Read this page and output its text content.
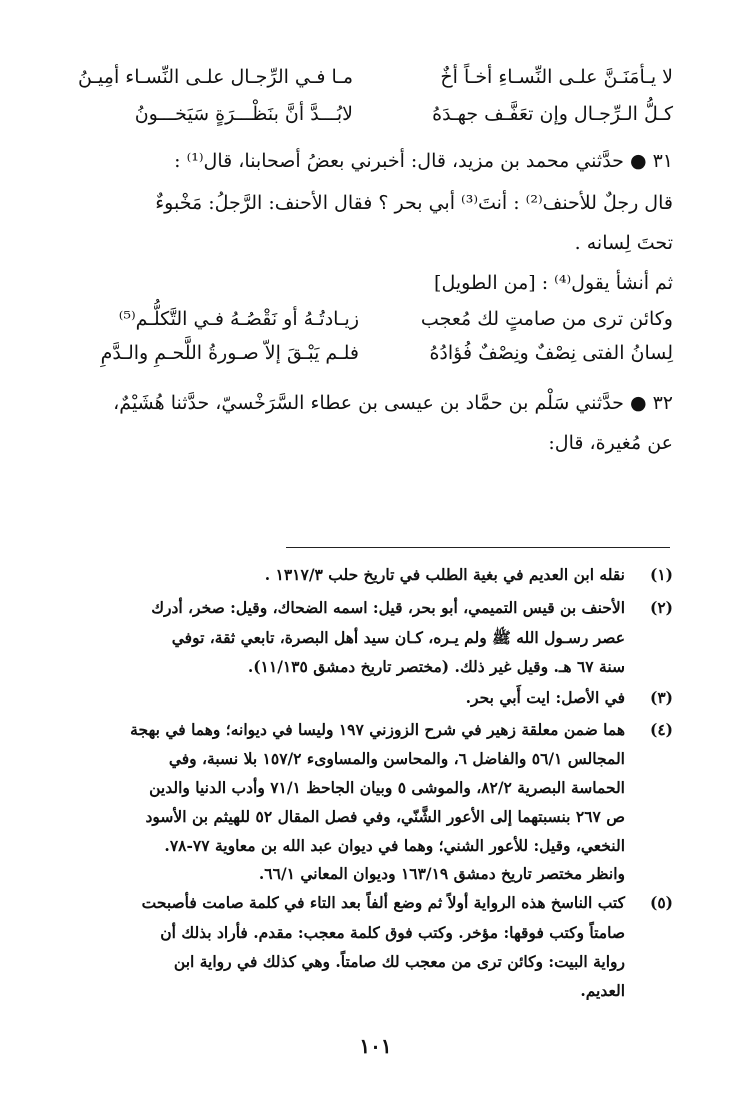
لا يـأمَنَـنَّ علـى النِّسـاءِ أخـاً أخٌ
مـا فـي الرِّجـال علـى النِّسـاء أمِيـنُ
كـلُّ الـرِّجـال وإن تعَفَّـف جهـدَهُ
لابُـــدَّ أنَّ بنَظْـــرَةٍ سَيَخـــونُ
٣١ ● حدَّثني محمد بن مزيد، قال: أخبرني بعضُ أصحابنا، قال⁽¹⁾ :
قال رجلٌ للأحنف⁽²⁾ : أنتَ⁽³⁾ أبي بحر ؟ فقال الأحنف: الرَّجلُ: مَخْبوءٌ
تحتَ لِسانه .
ثم أنشأ يقول⁽⁴⁾ : [من الطويل]
وكائن ترى من صامتٍ لك مُعجب
زيـادتُـهُ أو نَقْصُـهُ فـي التَّكلُّـم⁽⁵⁾
لِسانُ الفتى نِصْفٌ ونِصْفٌ فُؤادُهُ
فلـم يَبْـقَ إلاّ صـورةُ اللَّحـمِ والـدَّمِ
٣٢ ● حدَّثني سَلْم بن حمَّاد بن عيسى بن عطاء السَّرَخْسيّ، حدَّثنا هُشَيْمٌ،
عن مُغيرة، قال:
(١)
نقله ابن العديم في بغية الطلب في تاريخ حلب ١٣١٧/٣ .
(٢)
الأحنف بن قيس التميمي، أبو بحر، قيل: اسمه الضحاك، وقيل: صخر، أدرك
عصر رسـول الله ﷺ ولم يـره، كـان سيد أهل البصرة، تابعي ثقة، توفي
سنة ٦٧ هـ. وقيل غير ذلك. (مختصر تاريخ دمشق ١١/١٣٥).
(٣)
في الأصل: ايت أَبي بحر.
(٤)
هما ضمن معلقة زهير في شرح الزوزني ١٩٧ وليسا في ديوانه؛ وهما في بهجة
المجالس ٥٦/١ والفاضل ٦، والمحاسن والمساوىء ١٥٧/٢ بلا نسبة، وفي
الحماسة البصرية ٨٢/٢، والموشى ٥ وبيان الجاحظ ٧١/١ وأدب الدنيا والدين
ص ٢٦٧ بنسبتهما إلى الأعور الشَّنّي، وفي فصل المقال ٥٢ للهيثم بن الأسود
النخعي، وقيل: للأعور الشني؛ وهما في ديوان عبد الله بن معاوية ٧٧-٧٨.
وانظر مختصر تاريخ دمشق ١٦٣/١٩ وديوان المعاني ٦٦/١.
(٥)
كتب الناسخ هذه الرواية أولاً ثم وضع ألفاً بعد التاء في كلمة صامت فأصبحت
صامتاً وكتب فوقها: مؤخر. وكتب فوق كلمة معجب: مقدم. فأراد بذلك أن
رواية البيت: وكائن ترى من معجب لك صامتاً. وهي كذلك في رواية ابن
العديم.
١٠١
